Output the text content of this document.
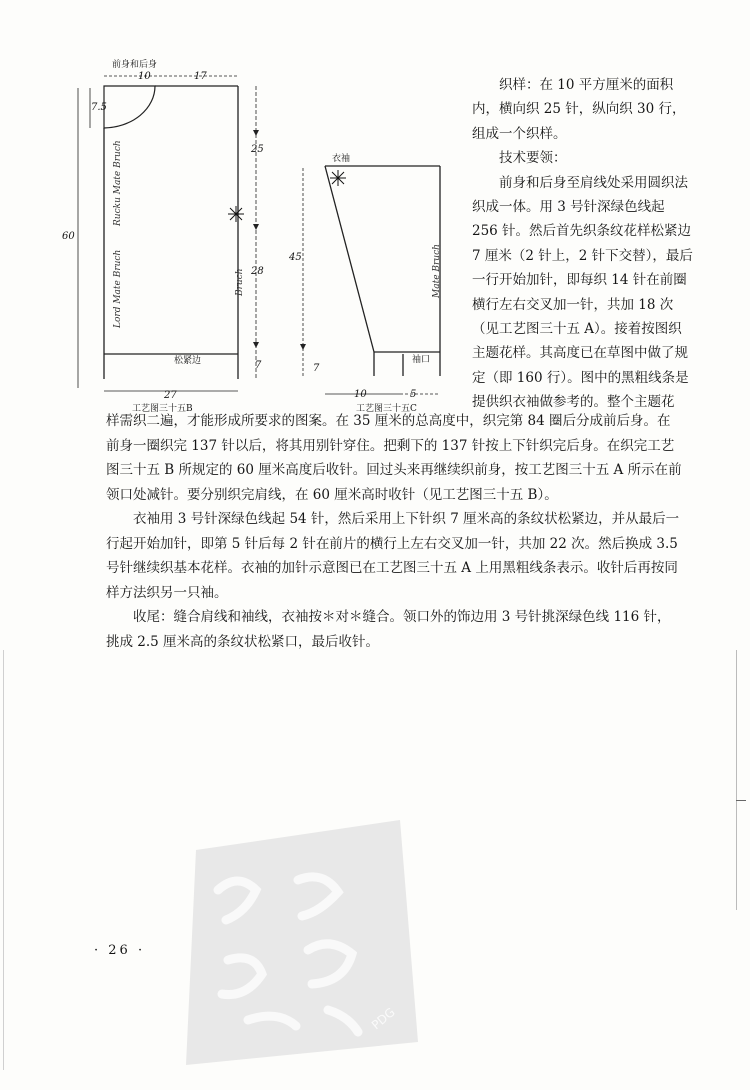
前身和后身
10	17
7.5
25
28
7
60
27
松紧边
Rucku Mate Bruch
Lord Mate Bruch	Bruch
工艺图三十五B
衣袖
45
7
10	5
袖口
Mate Bruch
工艺图三十五C

织样：在 10 平方厘米的面积内，横向织 25 针，纵向织 30 行，组成一个织样。

技术要领：

前身和后身至肩线处采用圆织法织成一体。用 3 号针深绿色线起 256 针。然后首先织条纹花样松紧边 7 厘米（2 针上，2 针下交替），最后一行开始加针，即每织 14 针在前圈横行左右交叉加一针，共加 18 次（见工艺图三十五 A）。接着按图织主题花样。其高度已在草图中做了规定（即 160 行）。图中的黑粗线条是提供织衣袖做参考的。整个主题花

样需织二遍，才能形成所要求的图案。在 35 厘米的总高度中，织完第 84 圈后分成前后身。在前身一圈织完 137 针以后，将其用别针穿住。把剩下的 137 针按上下针织完后身。在织完工艺图三十五 B 所规定的 60 厘米高度后收针。回过头来再继续织前身，按工艺图三十五 A 所示在前领口处减针。要分别织完肩线，在 60 厘米高时收针（见工艺图三十五 B）。

衣袖用 3 号针深绿色线起 54 针，然后采用上下针织 7 厘米高的条纹状松紧边，并从最后一行起开始加针，即第 5 针后每 2 针在前片的横行上左右交叉加一针，共加 22 次。然后换成 3.5 号针继续织基本花样。衣袖的加针示意图已在工艺图三十五 A 上用黑粗线条表示。收针后再按同样方法织另一只袖。

收尾：缝合肩线和袖线，衣袖按＊对＊缝合。领口外的饰边用 3 号针挑深绿色线 116 针，挑成 2.5 厘米高的条纹状松紧口，最后收针。

· 26 ·
PDG
